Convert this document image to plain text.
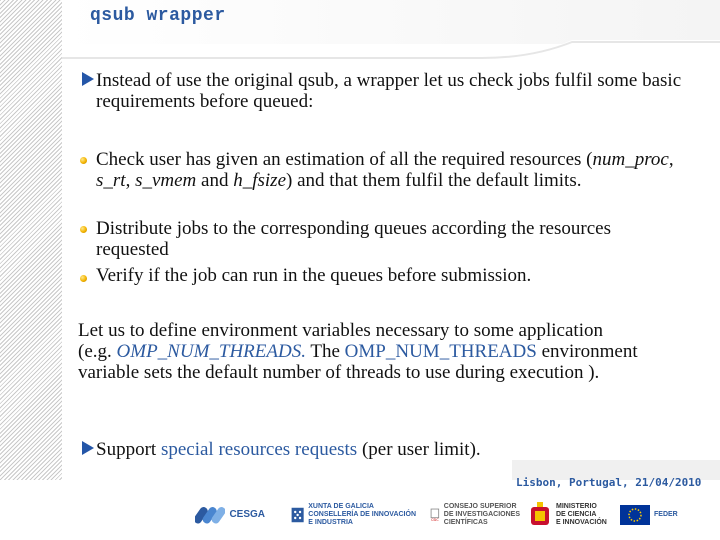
qsub wrapper
Instead of use the original qsub, a wrapper let us check jobs fulfil some basic requirements before queued:
Check user has given an estimation of all the required resources (num_proc, s_rt, s_vmem and h_fsize) and that them fulfil the default limits.
Distribute jobs to the corresponding queues according the resources requested
Verify if the job can run in the queues before submission.
Let us to define environment variables necessary to some application (e.g. OMP_NUM_THREADS. The OMP_NUM_THREADS environment variable sets the default number of threads to use during execution ).
Support special resources requests (per user limit).
Lisbon, Portugal, 21/04/2010
CESGA
XUNTA DE GALICIA
CONSELLERÍA DE INNOVACIÓN
E INDUSTRIA	CSIC
CONSEJO SUPERIOR
DE INVESTIGACIONES
CIENTÍFICAS
MINISTERIO
DE CIENCIA
E INNOVACIÓN
FEDER
